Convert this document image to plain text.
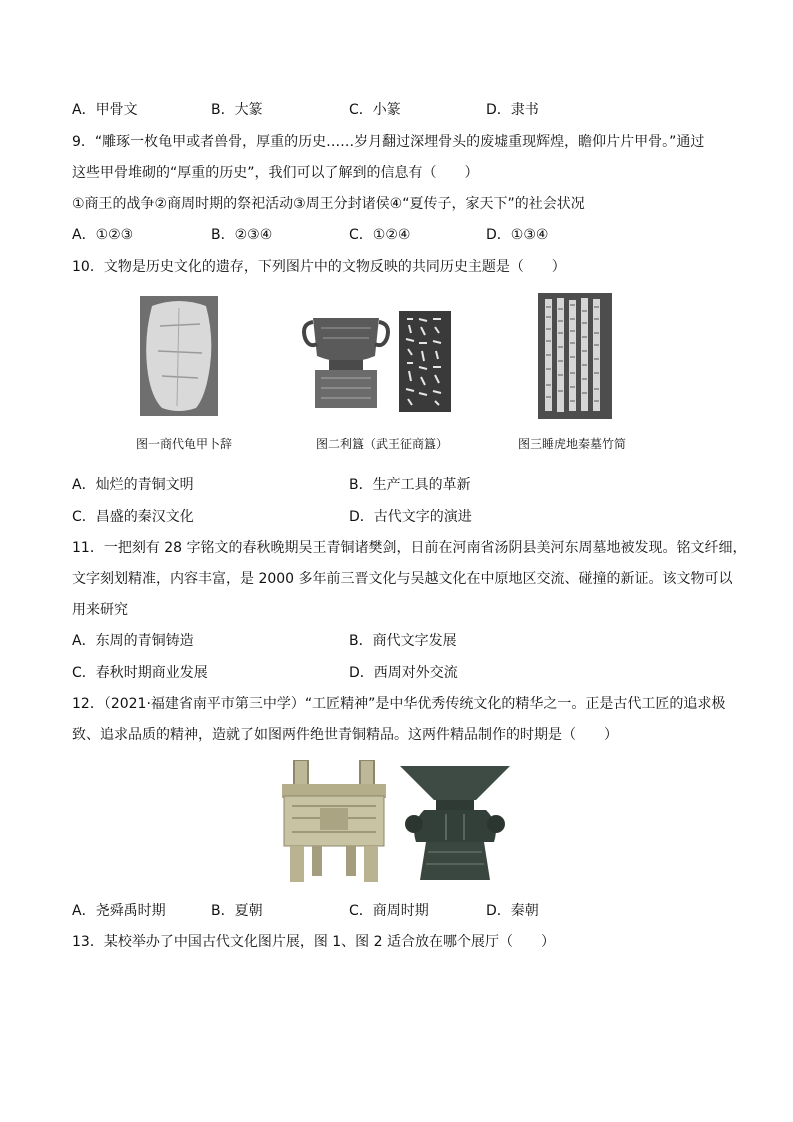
A．甲骨文	B．大篆	C．小篆	D．隶书
9．“雕琢一枚龟甲或者兽骨，厚重的历史……岁月翻过深埋骨头的废墟重现辉煌，瞻仰片片甲骨。”通过
这些甲骨堆砌的“厚重的历史”，我们可以了解到的信息有（　　）
①商王的战争②商周时期的祭祀活动③周王分封诸侯④“夏传子，家天下”的社会状况
A．①②③	B．②③④	C．①②④	D．①③④
10．文物是历史文化的遗存，下列图片中的文物反映的共同历史主题是（　　）
图一商代龟甲卜辞	图二利簋（武王征商簋）	图三睡虎地秦墓竹简
A．灿烂的青铜文明	B．生产工具的革新
C．昌盛的秦汉文化	D．古代文字的演进
11．一把刻有 28 字铭文的春秋晚期吴王青铜诸樊剑，日前在河南省汤阴县美河东周墓地被发现。铭文纤细，
文字刻划精准，内容丰富，是 2000 多年前三晋文化与吴越文化在中原地区交流、碰撞的新证。该文物可以
用来研究
A．东周的青铜铸造	B．商代文字发展
C．春秋时期商业发展	D．西周对外交流
12．（2021·福建省南平市第三中学）“工匠精神”是中华优秀传统文化的精华之一。正是古代工匠的追求极
致、追求品质的精神，造就了如图两件绝世青铜精品。这两件精品制作的时期是（　　）
A．尧舜禹时期	B．夏朝	C．商周时期	D．秦朝
13．某校举办了中国古代文化图片展，图 1、图 2 适合放在哪个展厅（　　）
